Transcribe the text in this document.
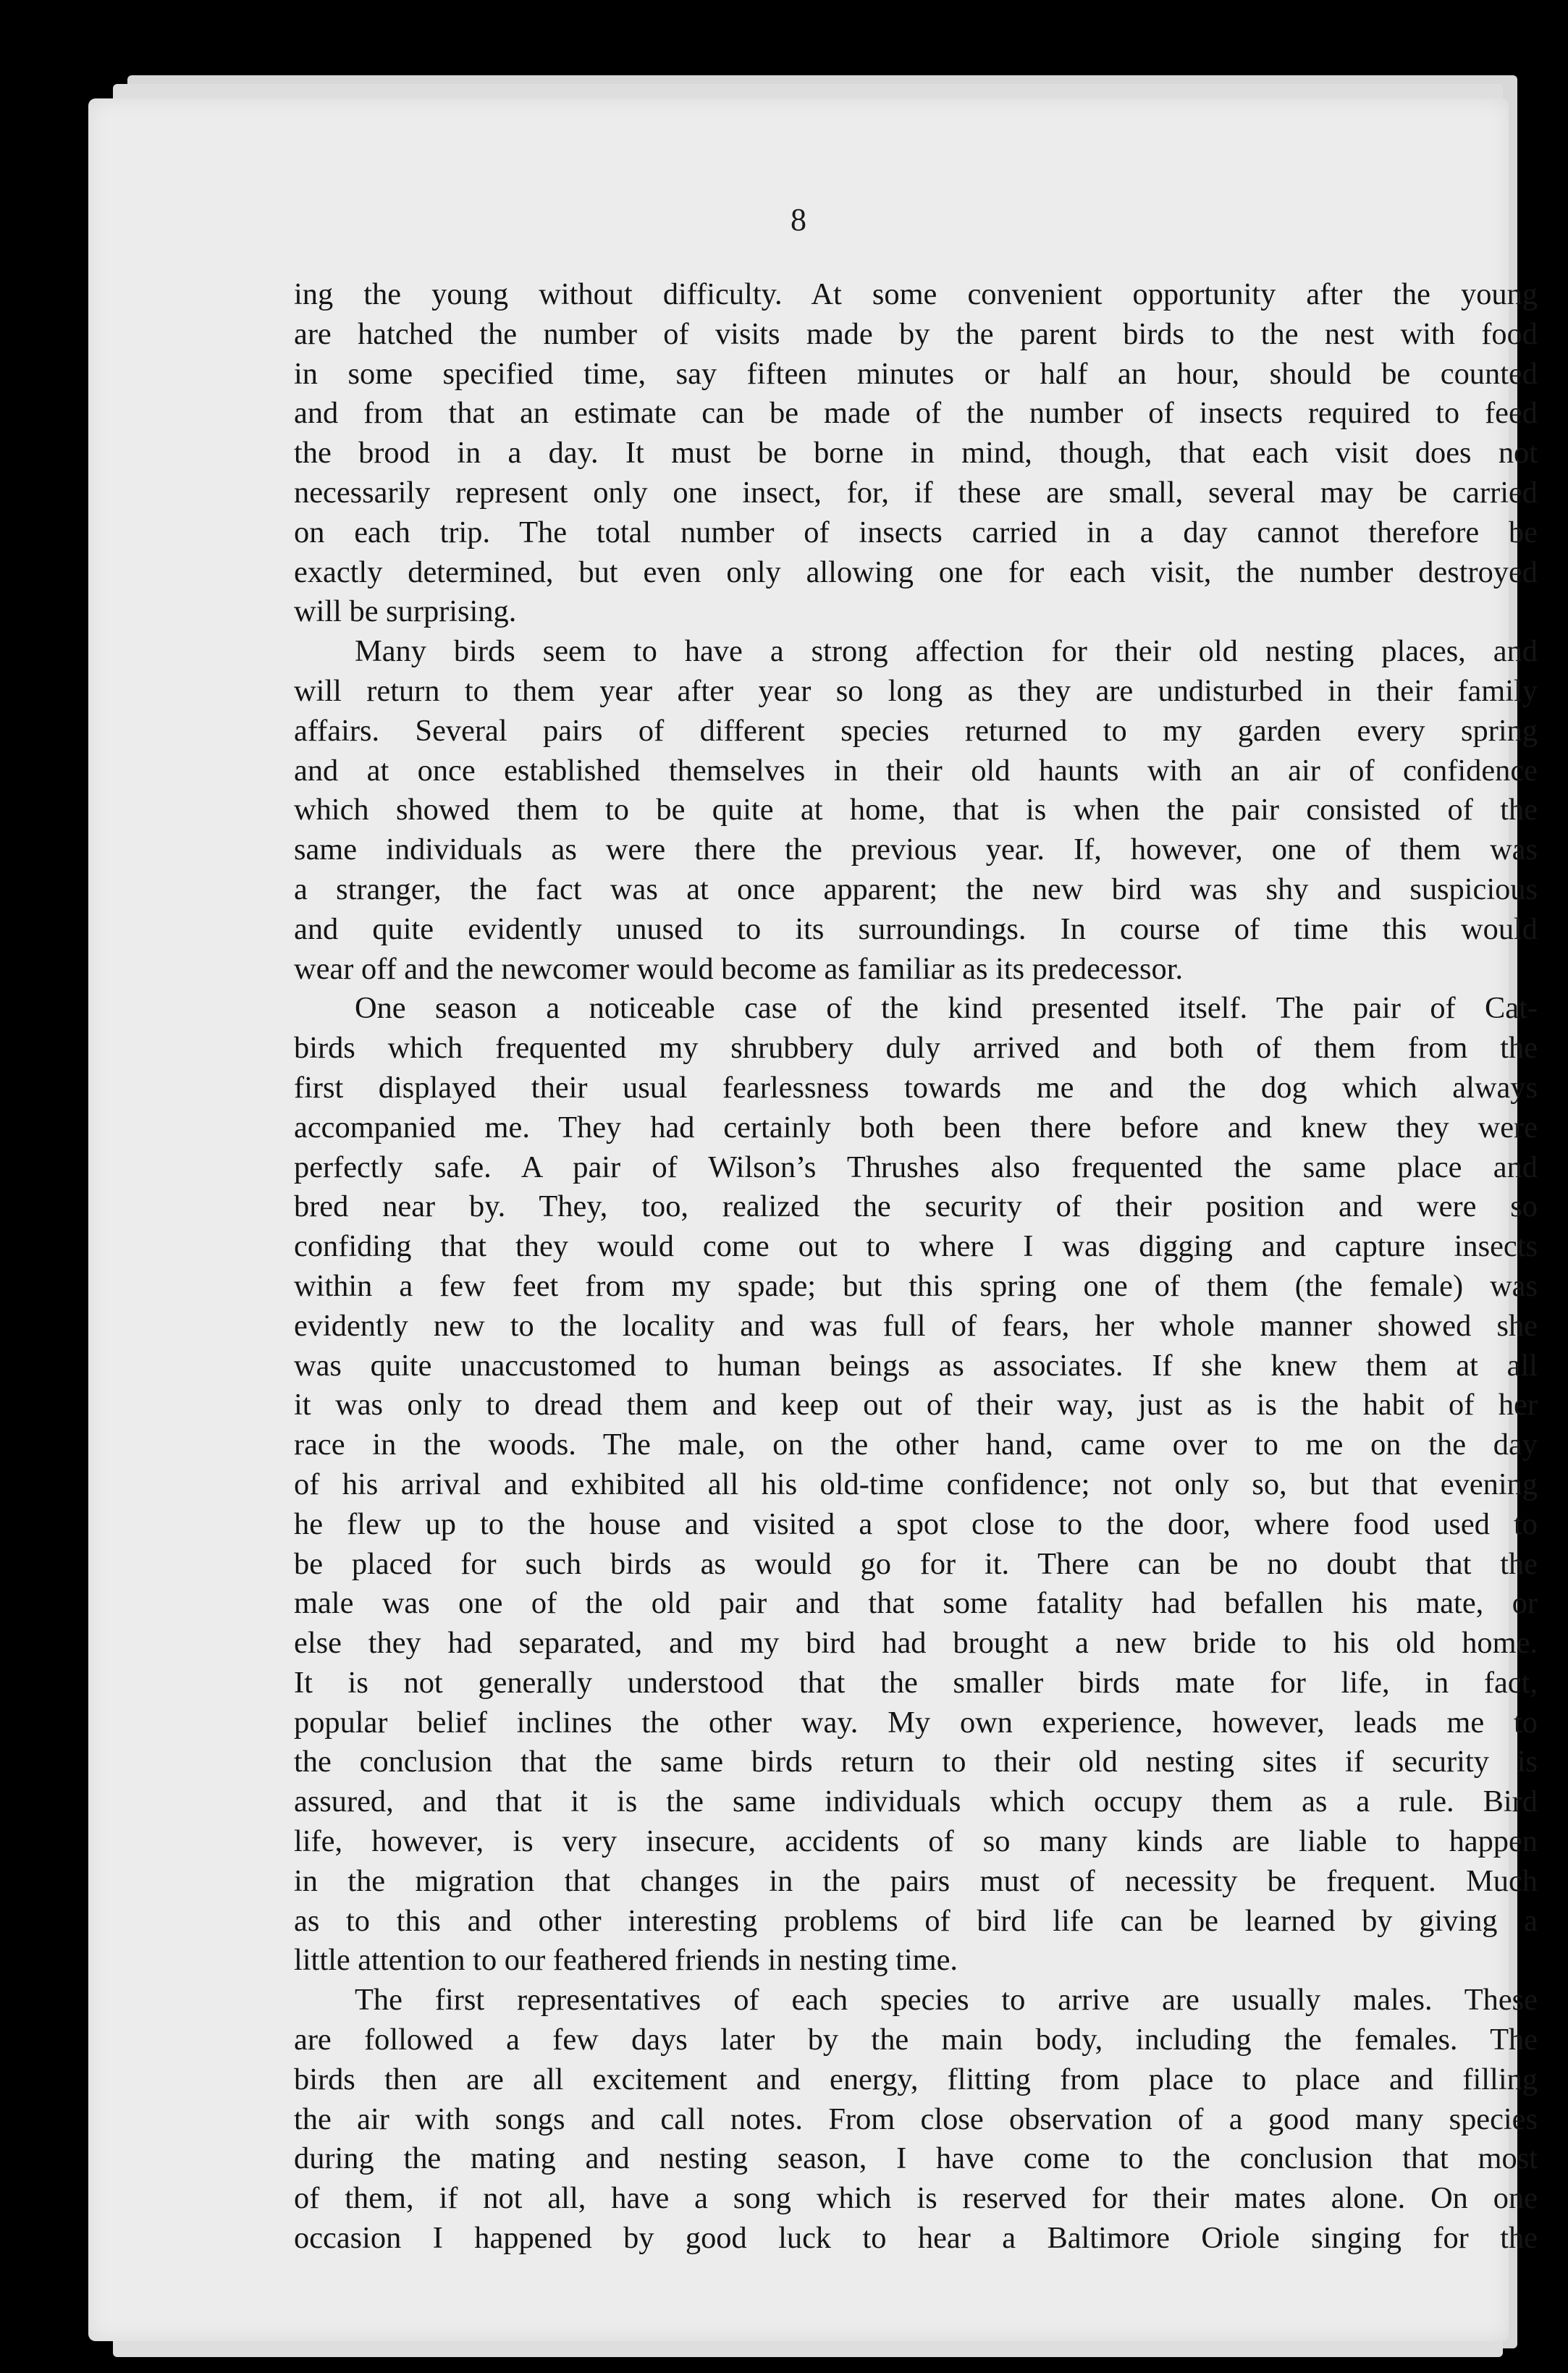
8
ing the young without difficulty. At some convenient opportunity after the young
are hatched the number of visits made by the parent birds to the nest with food
in some specified time, say fifteen minutes or half an hour, should be counted
and from that an estimate can be made of the number of insects required to feed
the brood in a day. It must be borne in mind, though, that each visit does not
necessarily represent only one insect, for, if these are small, several may be carried
on each trip. The total number of insects carried in a day cannot therefore be
exactly determined, but even only allowing one for each visit, the number destroyed
will be surprising.
Many birds seem to have a strong affection for their old nesting places, and
will return to them year after year so long as they are undisturbed in their family
affairs. Several pairs of different species returned to my garden every spring
and at once established themselves in their old haunts with an air of confidence
which showed them to be quite at home, that is when the pair consisted of the
same individuals as were there the previous year. If, however, one of them was
a stranger, the fact was at once apparent; the new bird was shy and suspicious
and quite evidently unused to its surroundings. In course of time this would
wear off and the newcomer would become as familiar as its predecessor.
One season a noticeable case of the kind presented itself. The pair of Cat-
birds which frequented my shrubbery duly arrived and both of them from the
first displayed their usual fearlessness towards me and the dog which always
accompanied me. They had certainly both been there before and knew they were
perfectly safe. A pair of Wilson’s Thrushes also frequented the same place and
bred near by. They, too, realized the security of their position and were so
confiding that they would come out to where I was digging and capture insects
within a few feet from my spade; but this spring one of them (the female) was
evidently new to the locality and was full of fears, her whole manner showed she
was quite unaccustomed to human beings as associates. If she knew them at all
it was only to dread them and keep out of their way, just as is the habit of her
race in the woods. The male, on the other hand, came over to me on the day
of his arrival and exhibited all his old-time confidence; not only so, but that evening
he flew up to the house and visited a spot close to the door, where food used to
be placed for such birds as would go for it. There can be no doubt that the
male was one of the old pair and that some fatality had befallen his mate, or
else they had separated, and my bird had brought a new bride to his old home.
It is not generally understood that the smaller birds mate for life, in fact,
popular belief inclines the other way. My own experience, however, leads me to
the conclusion that the same birds return to their old nesting sites if security is
assured, and that it is the same individuals which occupy them as a rule. Bird
life, however, is very insecure, accidents of so many kinds are liable to happen
in the migration that changes in the pairs must of necessity be frequent. Much
as to this and other interesting problems of bird life can be learned by giving a
little attention to our feathered friends in nesting time.
The first representatives of each species to arrive are usually males. These
are followed a few days later by the main body, including the females. The
birds then are all excitement and energy, flitting from place to place and filling
the air with songs and call notes. From close observation of a good many species
during the mating and nesting season, I have come to the conclusion that most
of them, if not all, have a song which is reserved for their mates alone. On one
occasion I happened by good luck to hear a Baltimore Oriole singing for the
